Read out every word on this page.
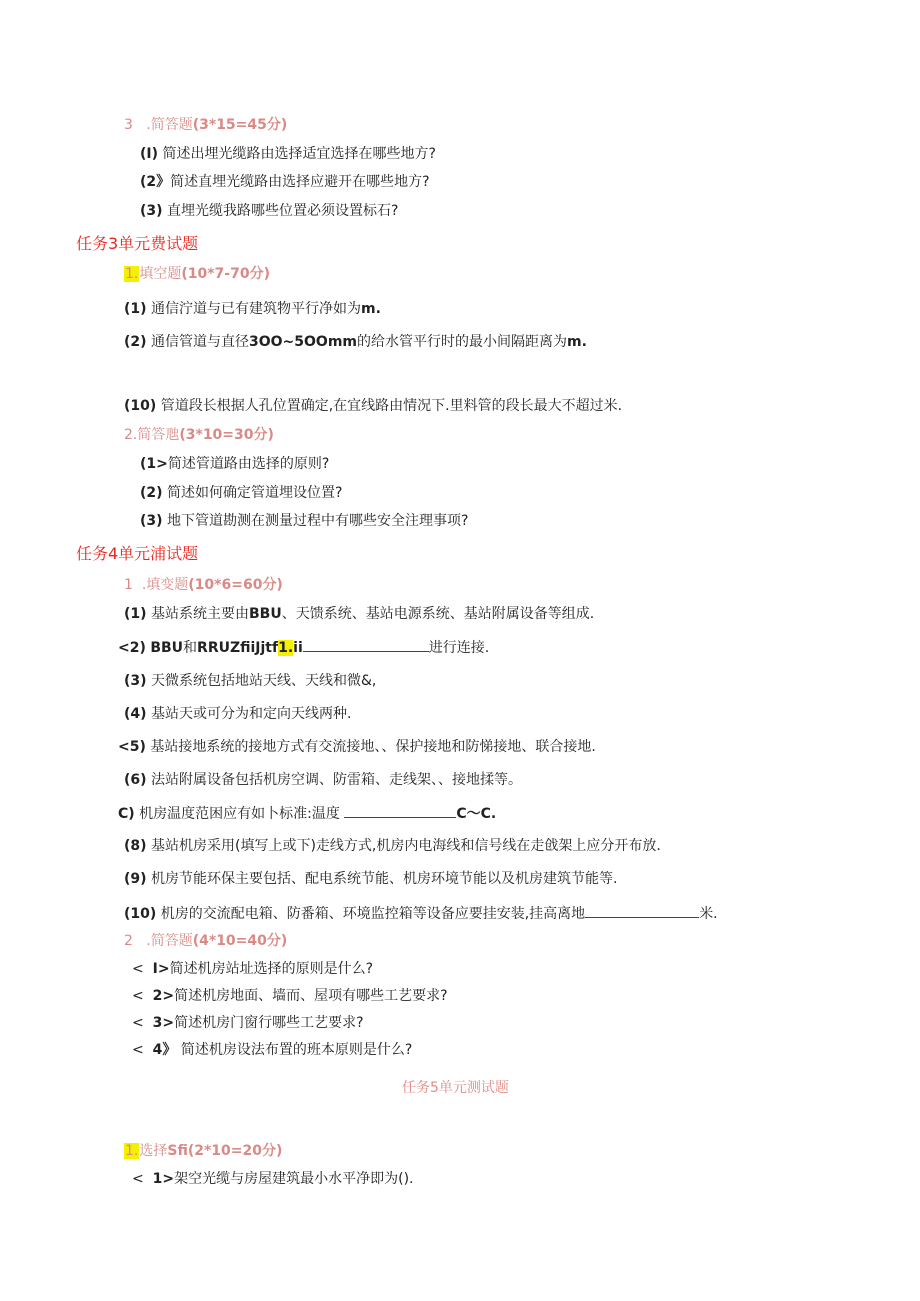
3 .简答题(3*15=45分)
(I) 简述出埋光缆路由选择适宜选择在哪些地方?
(2》简述直埋光缆路由选择应避开在哪些地方?
(3) 直埋光缆我路哪些位置必须设置标石?
任务3单元费试题
1.填空题(10*7-70分)
(1) 通信泞道与已有建筑物平行净如为m.
(2) 通信管道与直径3OO~5OOmm的给水管平行时的最小间隔距离为m.
(10) 管道段长根据人孔位置确定,在宜线路由情况下.里料管的段长最大不超过米.
2.简答虺(3*10=30分)
(1>简述管道路由选择的原则?
(2) 简述如何确定管道埋设位置?
(3) 地下管道勘测在测量过程中有哪些安全注理事项?
任务4单元浦试题
1 .填变题(10*6=60分)
(1) 基站系统主要由BBU、天馈系统、基站电源系统、基站附属设备等组成.
<2) BBU和RRUZfiiJjtf1.ii	进行连接.
(3) 天微系统包括地站天线、天线和微&,
(4) 基站天或可分为和定向天线两种.
<5) 基站接地系统的接地方式有交流接地、、保护接地和防悌接地、联合接地.
(6) 法站附属设备包括机房空调、防雷箱、走线架、、接地揉等。
C) 机房温度范困应有如卜标准:温度	C〜C.
(8) 基站机房采用(填写上或下)走线方式,机房内电海线和信号线在走戗架上应分开布放.
(9) 机房节能环保主要包括、配电系统节能、机房环境节能以及机房建筑节能等.
(10) 机房的交流配电箱、防番箱、环境监控箱等设备应要挂安装,挂高离地	米.
2 .简答题(4*10=40分)
<  I>简述机房站址选择的原则是什么?
<  2>简述机房地面、墙而、屋项有哪些工艺要求?
<  3>简述机房门窗行哪些工艺要求?
<  4》 简述机房设法布置的班本原则是什么?
任务5单元测试题
1.选择Sfi(2*10=20分)
<  1>架空光缆与房屋建筑最小水平净即为().
